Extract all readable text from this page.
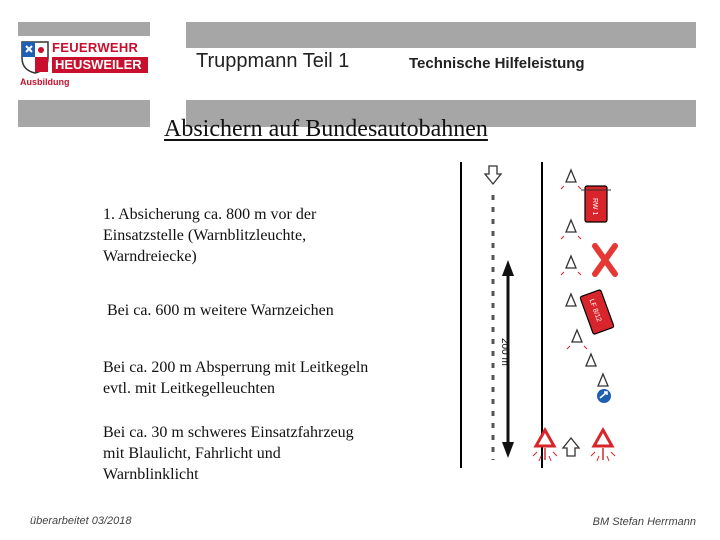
FEUERWEHR
HEUSWEILER
Ausbildung
Truppmann Teil 1	Technische Hilfeleistung
Absichern auf Bundesautobahnen
1. Absicherung ca. 800 m vor der
Einsatzstelle (Warnblitzleuchte,
Warndreiecke)
Bei ca. 600 m weitere Warnzeichen
Bei ca. 200 m Absperrung mit Leitkegeln
evtl. mit Leitkegelleuchten
Bei ca. 30 m schweres Einsatzfahrzeug
mit Blaulicht, Fahrlicht und
Warnblinklicht
200 m
RW 1
LF 8/12
überarbeitet 03/2018	BM Stefan Herrmann
